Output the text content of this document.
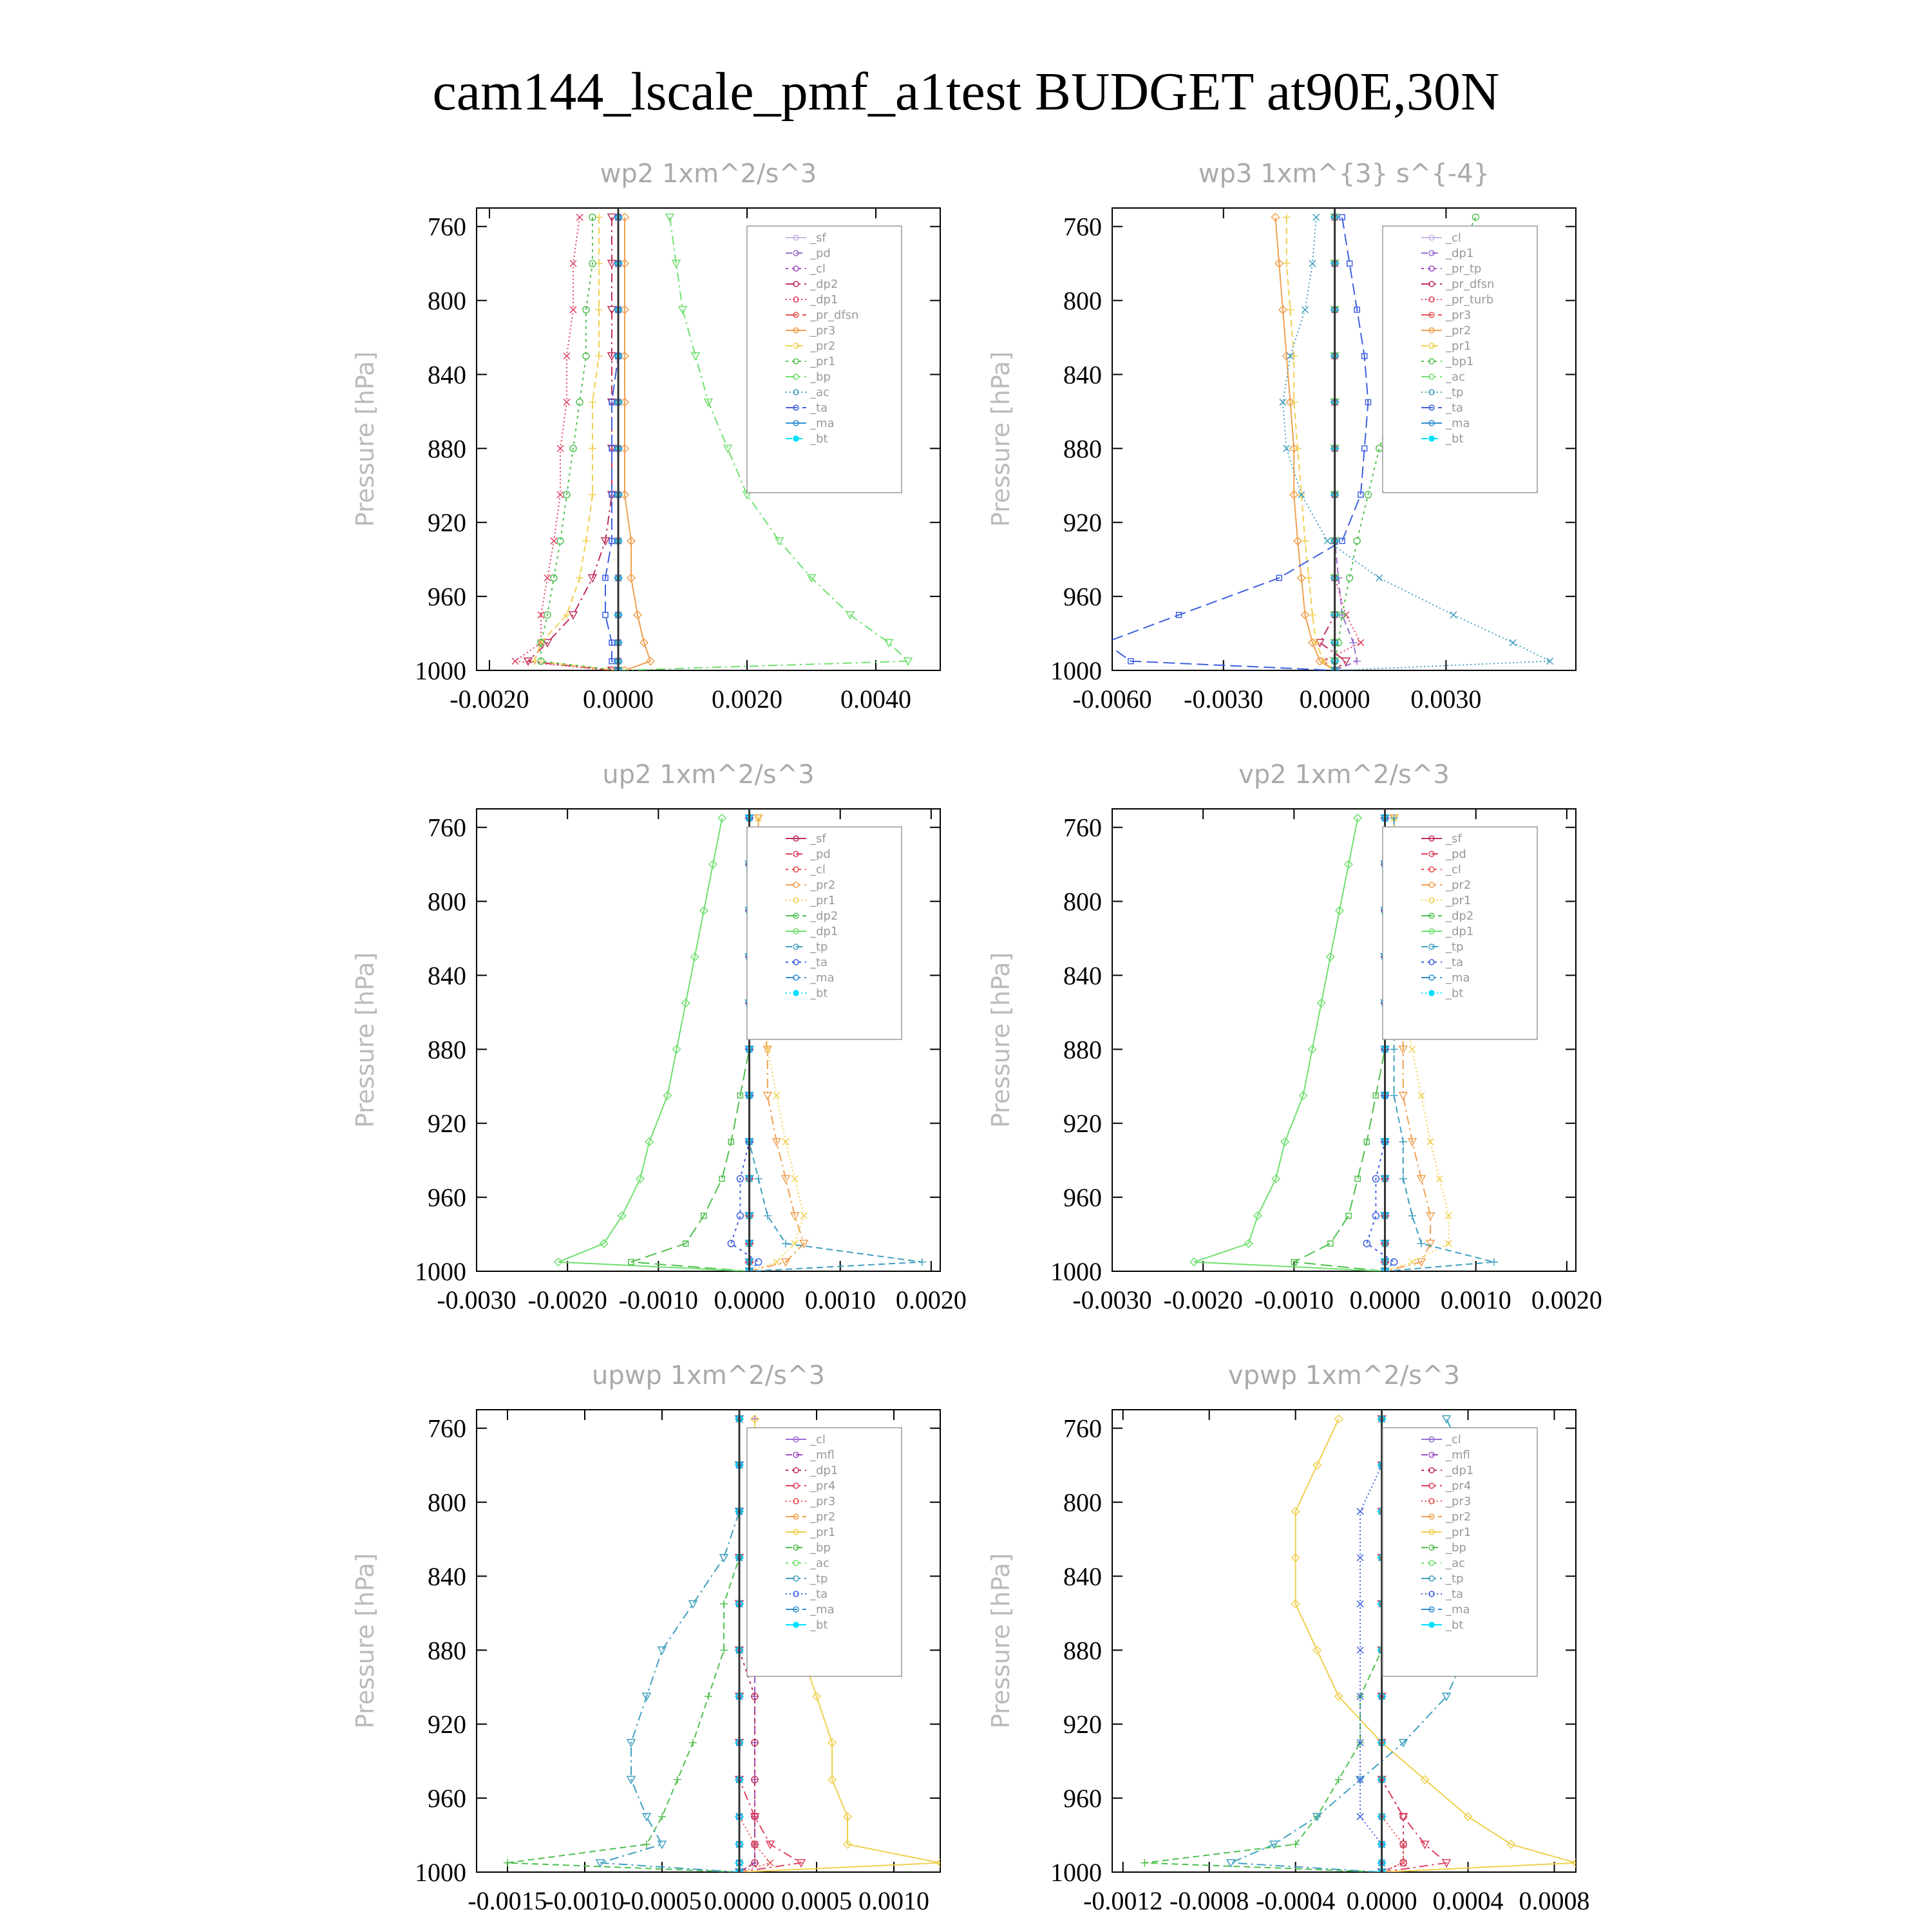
cam144_lscale_pmf_a1test BUDGET at90E,30N
wp2 1xm^2/s^3
Pressure [hPa]
760
800
840
880
920
960
1000
-0.0020 0.0000 0.0020 0.0040
_sf
_pd
_cl
_dp2
_dp1
_pr_dfsn
_pr3
_pr2
_pr1
_bp
_ac
_ta
_ma
_bt
wp3 1xm^{3} s^{-4}
Pressure [hPa]
760
800
840
880
920
960
1000
-0.0060 -0.0030 0.0000 0.0030
_cl
_dp1
_pr_tp
_pr_dfsn
_pr_turb
_pr3
_pr2
_pr1
_bp1
_ac
_tp
_ta
_ma
_bt
up2 1xm^2/s^3
Pressure [hPa]
760
800
840
880
920
960
1000
-0.0030 -0.0020 -0.0010 0.0000 0.0010 0.0020
_sf
_pd
_cl
_pr2
_pr1
_dp2
_dp1
_tp
_ta
_ma
_bt
vp2 1xm^2/s^3
Pressure [hPa]
760
800
840
880
920
960
1000
-0.0030 -0.0020 -0.0010 0.0000 0.0010 0.0020
_sf
_pd
_cl
_pr2
_pr1
_dp2
_dp1
_tp
_ta
_ma
_bt
upwp 1xm^2/s^3
Pressure [hPa]
760
800
840
880
920
960
1000
-0.0015
-0.0010
-0.0005 0.0000 0.0005 0.0010
_cl
_mfl
_dp1
_pr4
_pr3
_pr2
_pr1
_bp
_ac
_tp
_ta
_ma
_bt
vpwp 1xm^2/s^3
Pressure [hPa]
760
800
840
880
920
960
1000
-0.0012 -0.0008 -0.0004 0.0000 0.0004 0.0008
_cl
_mfl
_dp1
_pr4
_pr3
_pr2
_pr1
_bp
_ac
_tp
_ta
_ma
_bt
